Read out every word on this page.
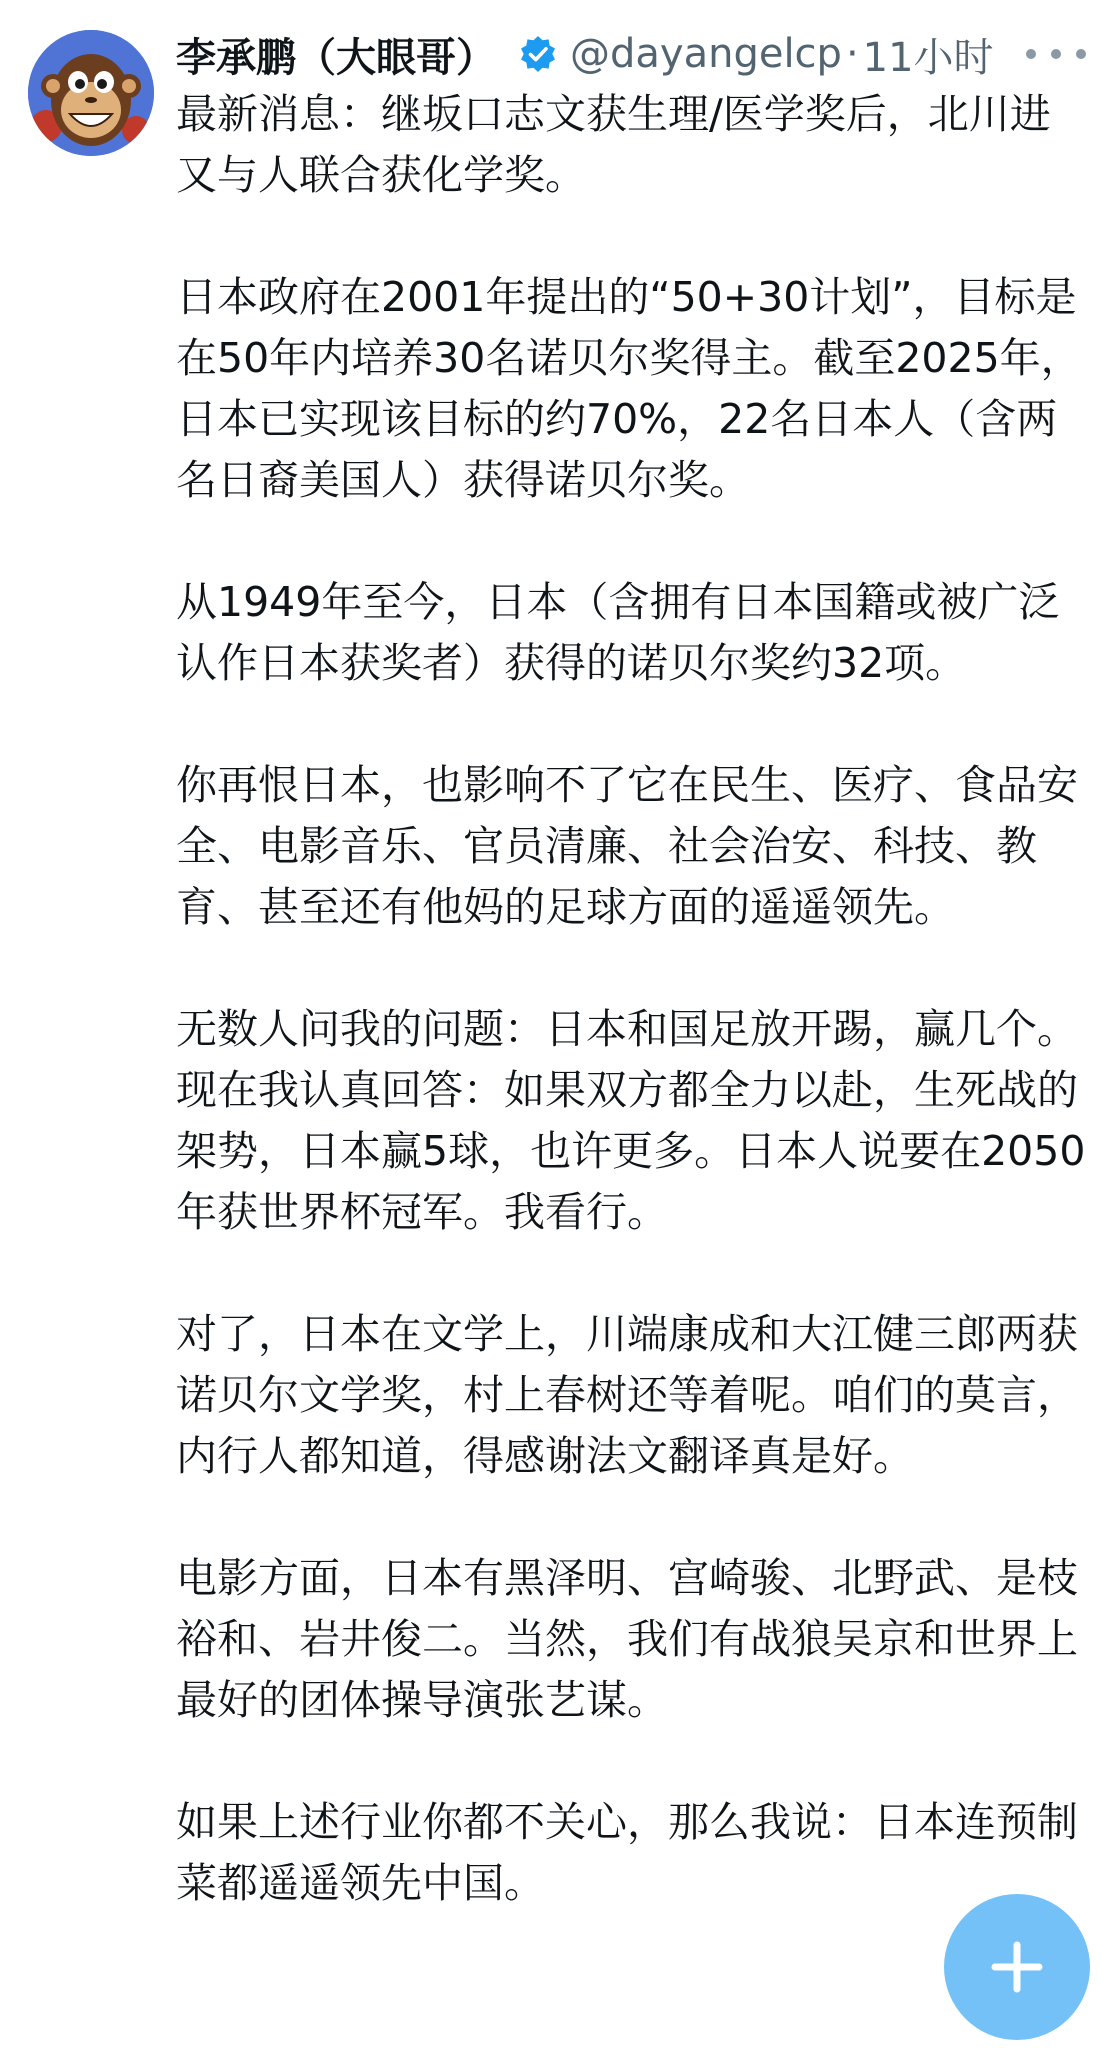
李承鹏（大眼哥） @dayangelcp · 11小时

最新消息：继坂口志文获生理/医学奖后，北川进又与人联合获化学奖。

日本政府在2001年提出的“50+30计划”，目标是在50年内培养30名诺贝尔奖得主。截至2025年，日本已实现该目标的约70%，22名日本人（含两名日裔美国人）获得诺贝尔奖。

从1949年至今，日本（含拥有日本国籍或被广泛认作日本获奖者）获得的诺贝尔奖约32项。

你再恨日本，也影响不了它在民生、医疗、食品安全、电影音乐、官员清廉、社会治安、科技、教育、甚至还有他妈的足球方面的遥遥领先。

无数人问我的问题：日本和国足放开踢，赢几个。现在我认真回答：如果双方都全力以赴，生死战的架势，日本赢5球，也许更多。日本人说要在2050年获世界杯冠军。我看行。

对了，日本在文学上，川端康成和大江健三郎两获诺贝尔文学奖，村上春树还等着呢。咱们的莫言，内行人都知道，得感谢法文翻译真是好。

电影方面，日本有黑泽明、宫崎骏、北野武、是枝裕和、岩井俊二。当然，我们有战狼吴京和世界上最好的团体操导演张艺谋。

如果上述行业你都不关心，那么我说：日本连预制菜都遥遥领先中国。
